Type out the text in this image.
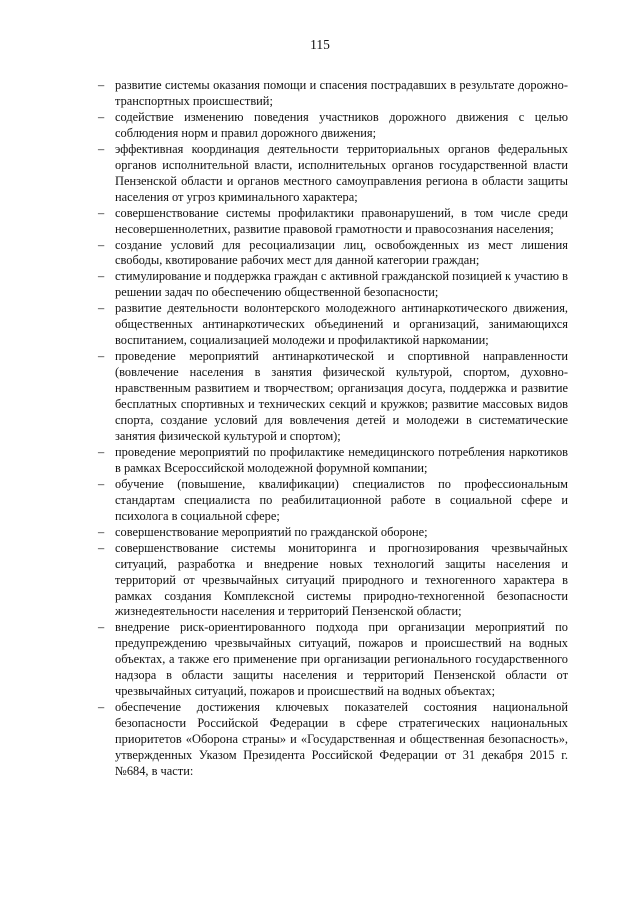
115
– развитие системы оказания помощи и спасения пострадавших в результате дорожно-транспортных происшествий;
– содействие изменению поведения участников дорожного движения с целью соблюдения норм и правил дорожного движения;
– эффективная координация деятельности территориальных органов федеральных органов исполнительной власти, исполнительных органов государственной власти Пензенской области и органов местного самоуправления региона в области защиты населения от угроз криминального характера;
– совершенствование системы профилактики правонарушений, в том числе среди несовершеннолетних, развитие правовой грамотности и правосознания населения;
– создание условий для ресоциализации лиц, освобожденных из мест лишения свободы, квотирование рабочих мест для данной категории граждан;
– стимулирование и поддержка граждан с активной гражданской позицией к участию в решении задач по обеспечению общественной безопасности;
– развитие деятельности волонтерского молодежного антинаркотического движения, общественных антинаркотических объединений и организаций, занимающихся воспитанием, социализацией молодежи и профилактикой наркомании;
– проведение мероприятий антинаркотической и спортивной направленности (вовлечение населения в занятия физической культурой, спортом, духовно-нравственным развитием и творчеством; организация досуга, поддержка и развитие бесплатных спортивных и технических секций и кружков; развитие массовых видов спорта, создание условий для вовлечения детей и молодежи в систематические занятия физической культурой и спортом);
– проведение мероприятий по профилактике немедицинского потребления наркотиков в рамках Всероссийской молодежной форумной компании;
– обучение (повышение, квалификации) специалистов по профессиональным стандартам специалиста по реабилитационной работе в социальной сфере и психолога в социальной сфере;
– совершенствование мероприятий по гражданской обороне;
– совершенствование системы мониторинга и прогнозирования чрезвычайных ситуаций, разработка и внедрение новых технологий защиты населения и территорий от чрезвычайных ситуаций природного и техногенного характера в рамках создания Комплексной системы природно-техногенной безопасности жизнедеятельности населения и территорий Пензенской области;
– внедрение риск-ориентированного подхода при организации мероприятий по предупреждению чрезвычайных ситуаций, пожаров и происшествий на водных объектах, а также его применение при организации регионального государственного надзора в области защиты населения и территорий Пензенской области от чрезвычайных ситуаций, пожаров и происшествий на водных объектах;
– обеспечение достижения ключевых показателей состояния национальной безопасности Российской Федерации в сфере стратегических национальных приоритетов «Оборона страны» и «Государственная и общественная безопасность», утвержденных Указом Президента Российской Федерации от 31 декабря 2015 г. №684, в части:
